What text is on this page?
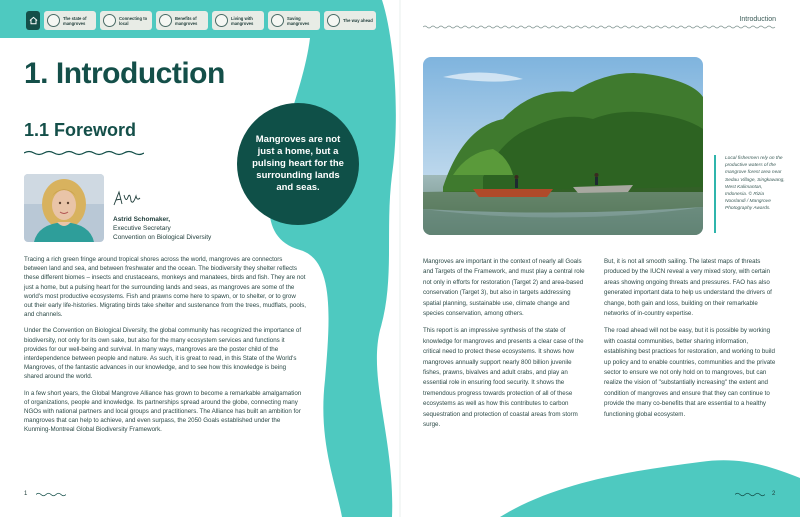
The state of mangroves
Connecting to local
Benefits of mangroves
Living with mangroves
Saving mangroves	The way ahead	Introduction
1. Introduction
1.1 Foreword	Mangroves are not just a home, but a pulsing heart for the surrounding lands and seas.
Astrid Schomaker,
Executive Secretary
Convention on Biological Diversity

Tracing a rich green fringe around tropical shores across the world, mangroves are connectors between land and sea, and between freshwater and the ocean. The biodiversity they shelter reflects these different biomes – insects and crustaceans, monkeys and manatees, birds and fish. They are not just a home, but a pulsing heart for the surrounding lands and seas, as mangroves are some of the world's most productive ecosystems. Fish and prawns come here to spawn, or to shelter, or to grow out their early life-histories. Migrating birds take shelter and sustenance from the trees, mudflats, pools, and channels.

Under the Convention on Biological Diversity, the global community has recognized the importance of biodiversity, not only for its own sake, but also for the many ecosystem services and functions it provides for our well-being and survival. In many ways, mangroves are the poster child of the interdependence between people and nature. As such, it is great to read, in this State of the World's Mangroves, of the fantastic advances in our knowledge, and to see how this knowledge is being shared around the world.

In a few short years, the Global Mangrove Alliance has grown to become a remarkable amalgamation of organizations, people and knowledge. Its partnerships spread around the globe, connecting many NGOs with national partners and local groups and practitioners. The Alliance has built an ambition for mangroves that can help to achieve, and even surpass, the 2050 Goals established under the Kunming-Montreal Global Biodiversity Framework.

Local fishermen rely on the productive waters of the mangrove forest area near Sedau Village, Singkawang, West Kalimantan, Indonesia. © Rizia Noorlandi / Mangrove Photography Awards.

Mangroves are important in the context of nearly all Goals and Targets of the Framework, and must play a central role not only in efforts for restoration (Target 2) and area-based conservation (Target 3), but also in targets addressing spatial planning, sustainable use, climate change and species conservation, among others.

This report is an impressive synthesis of the state of knowledge for mangroves and presents a clear case of the critical need to protect these ecosystems. It shows how mangroves annually support nearly 800 billion juvenile fishes, prawns, bivalves and adult crabs, and play an essential role in ensuring food security. It shows the tremendous progress towards protection of all of these ecosystems as well as how this contributes to carbon sequestration and protection of coastal areas from storm surge.

But, it is not all smooth sailing. The latest maps of threats produced by the IUCN reveal a very mixed story, with certain areas showing ongoing threats and pressures. FAO has also generated important data to help us understand the drivers of change, both gain and loss, building on their remarkable networks of in-country expertise.

The road ahead will not be easy, but it is possible by working with coastal communities, better sharing information, establishing best practices for restoration, and working to build up policy and to enable countries, communities and the private sector to ensure we not only hold on to mangroves, but can realize the vision of "substantially increasing" the extent and condition of mangroves and ensure that they can continue to provide the many co-benefits that are essential to a healthy functioning global ecosystem.

1	2
